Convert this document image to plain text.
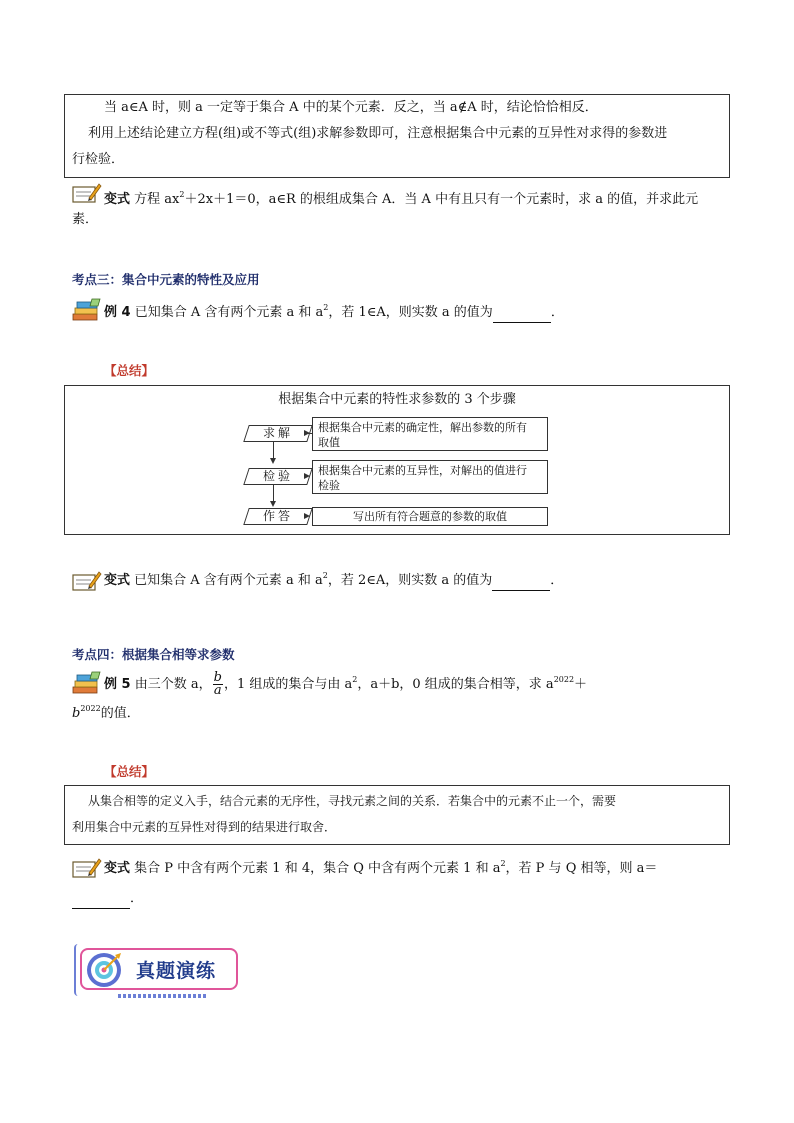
当 a∈A 时，则 a 一定等于集合 A 中的某个元素．反之，当 a∉A 时，结论恰恰相反．
利用上述结论建立方程(组)或不等式(组)求解参数即可，注意根据集合中元素的互异性对求得的参数进
行检验．
变式 方程 $ax^2+2x+1=0$，a∈R 的根组成集合 A．当 A 中有且只有一个元素时，求 a 的值，并求此元
素．
考点三：集合中元素的特性及应用
例 4 已知集合 A 含有两个元素 a 和 $a^2$，若 1∈A，则实数 a 的值为	．
【总结】
根据集合中元素的特性求参数的 3 个步骤
求解	根据集合中元素的确定性，解出参数的所有
取值
检验	根据集合中元素的互异性，对解出的值进行
检验
作答	写出所有符合题意的参数的取值
变式 已知集合 A 含有两个元素 a 和 $a^2$，若 2∈A，则实数 a 的值为	．
考点四：根据集合相等求参数
例 5 由三个数 a， $\frac{b}{a}$ ，1 组成的集合与由 $a^2$，a＋b，0 组成的集合相等，求 $a^{2022}+$
$b^{2022}$的值．
【总结】
从集合相等的定义入手，结合元素的无序性，寻找元素之间的关系．若集合中的元素不止一个，需要
利用集合中元素的互异性对得到的结果进行取舍．
变式 集合 P 中含有两个元素 1 和 4，集合 Q 中含有两个元素 1 和 $a^2$，若 P 与 Q 相等，则 a＝
．
真题演练
